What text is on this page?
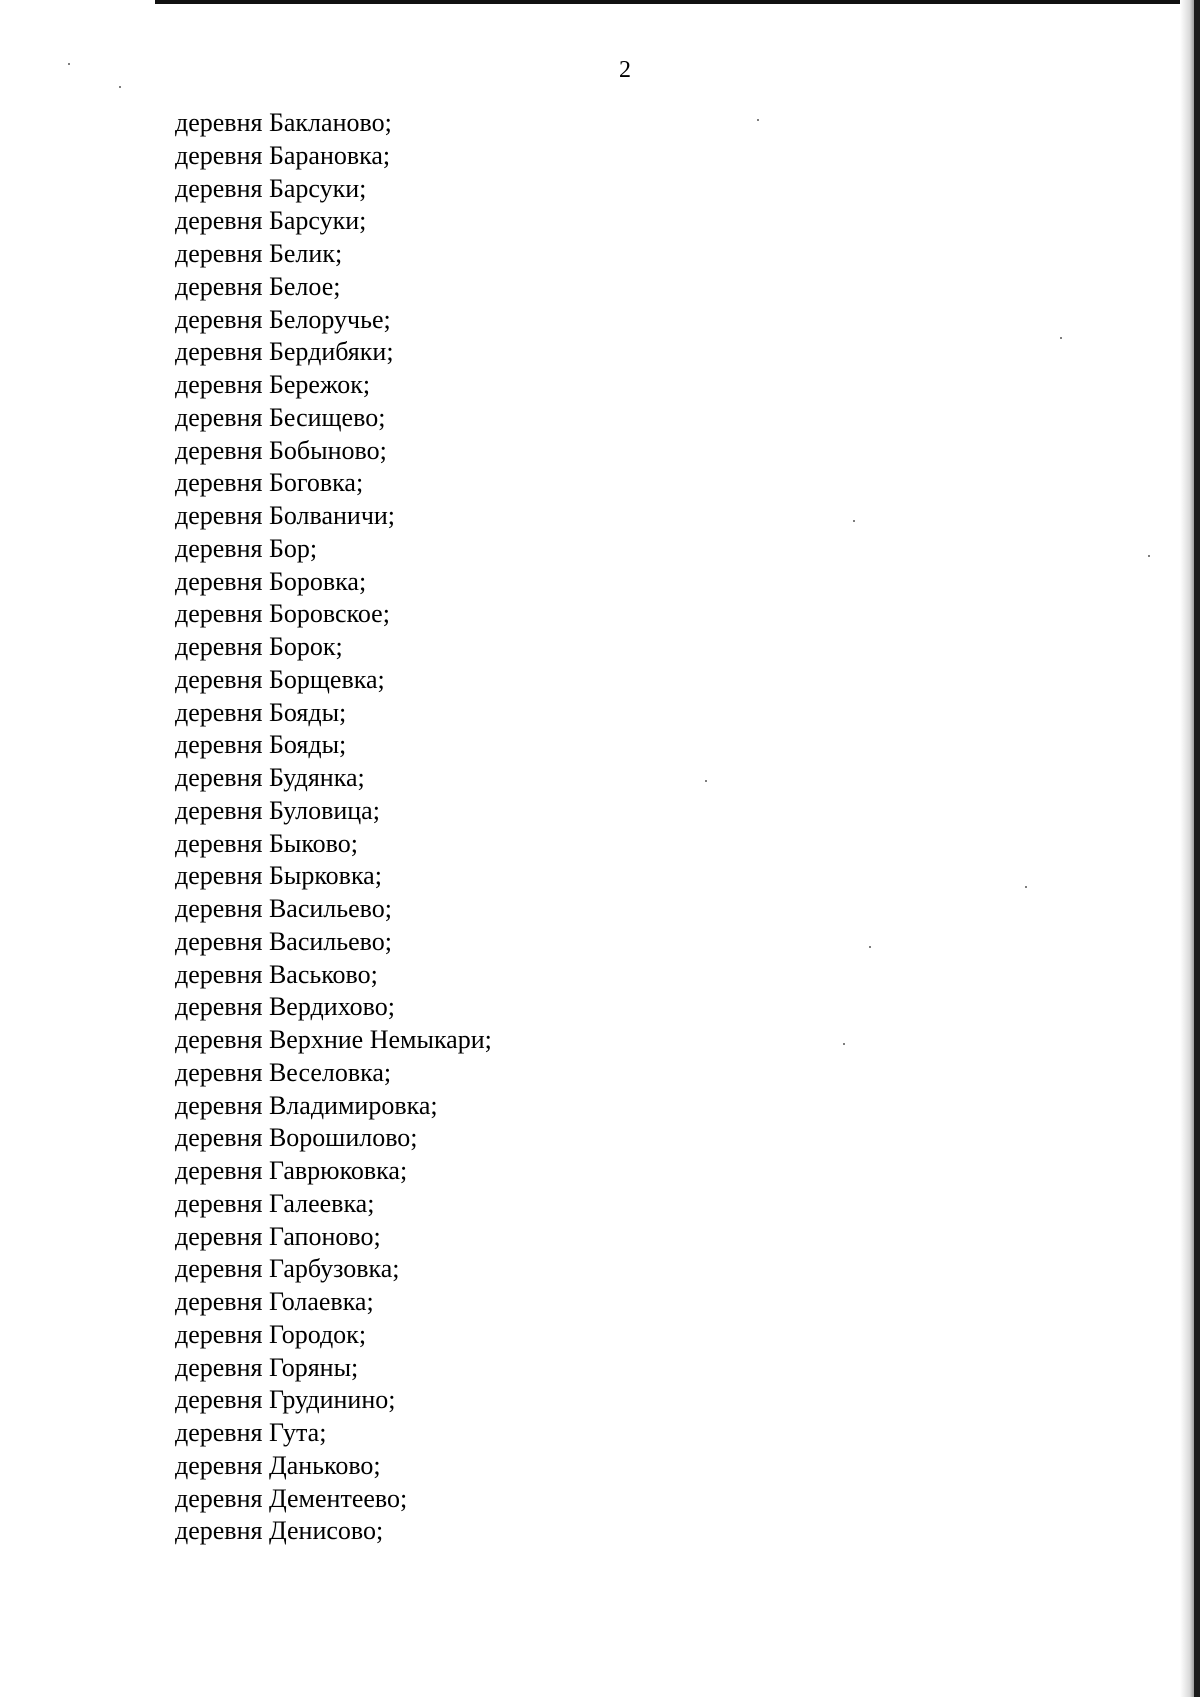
2
деревня Бакланово;
деревня Барановка;
деревня Барсуки;
деревня Барсуки;
деревня Белик;
деревня Белое;
деревня Белоручье;
деревня Бердибяки;
деревня Бережок;
деревня Бесищево;
деревня Бобыново;
деревня Боговка;
деревня Болваничи;
деревня Бор;
деревня Боровка;
деревня Боровское;
деревня Борок;
деревня Борщевка;
деревня Бояды;
деревня Бояды;
деревня Будянка;
деревня Буловица;
деревня Быково;
деревня Бырковка;
деревня Васильево;
деревня Васильево;
деревня Васьково;
деревня Вердихово;
деревня Верхние Немыкари;
деревня Веселовка;
деревня Владимировка;
деревня Ворошилово;
деревня Гаврюковка;
деревня Галеевка;
деревня Гапоново;
деревня Гарбузовка;
деревня Голаевка;
деревня Городок;
деревня Горяны;
деревня Грудинино;
деревня Гута;
деревня Даньково;
деревня Дементеево;
деревня Денисово;
